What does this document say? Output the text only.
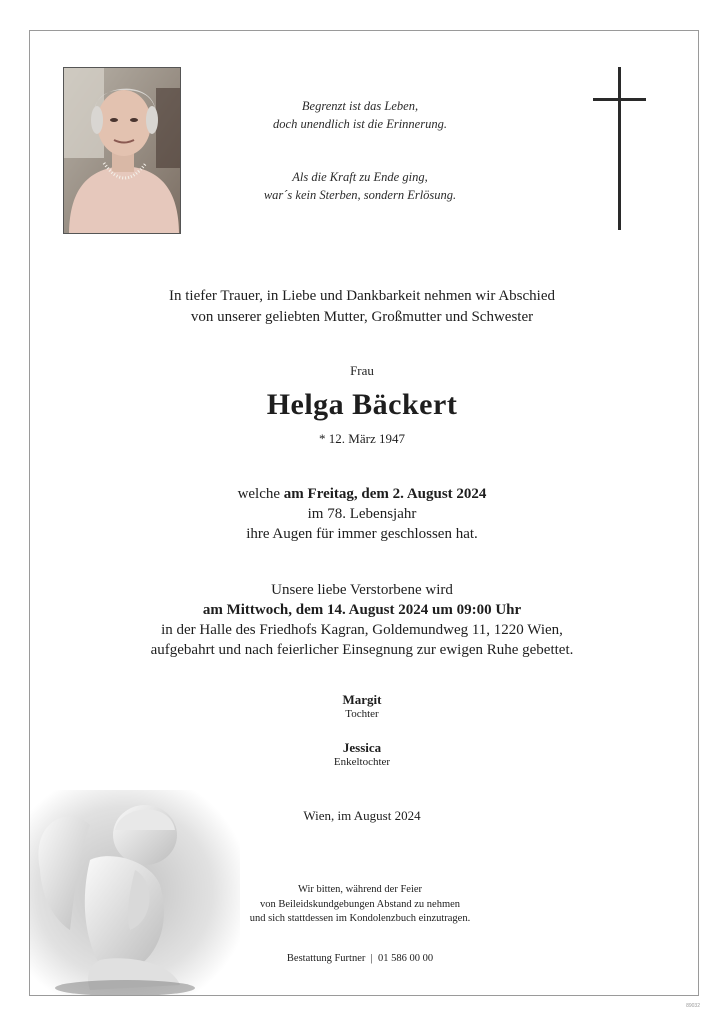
Begrenzt ist das Leben,
doch unendlich ist die Erinnerung.
Als die Kraft zu Ende ging,
war´s kein Sterben, sondern Erlösung.
In tiefer Trauer, in Liebe und Dankbarkeit nehmen wir Abschied
von unserer geliebten Mutter, Großmutter und Schwester
Frau
Helga Bäckert
* 12. März 1947
welche am Freitag, dem 2. August 2024
im 78. Lebensjahr
ihre Augen für immer geschlossen hat.
Unsere liebe Verstorbene wird
am Mittwoch, dem 14. August 2024 um 09:00 Uhr
in der Halle des Friedhofs Kagran, Goldemundweg 11, 1220 Wien,
aufgebahrt und nach feierlicher Einsegnung zur ewigen Ruhe gebettet.
Margit
Tochter
Jessica
Enkeltochter
Wien, im August 2024
Wir bitten, während der Feier
von Beileidskundgebungen Abstand zu nehmen
und sich stattdessen im Kondolenzbuch einzutragen.
Bestattung Furtner | 01 586 00 00
89032
